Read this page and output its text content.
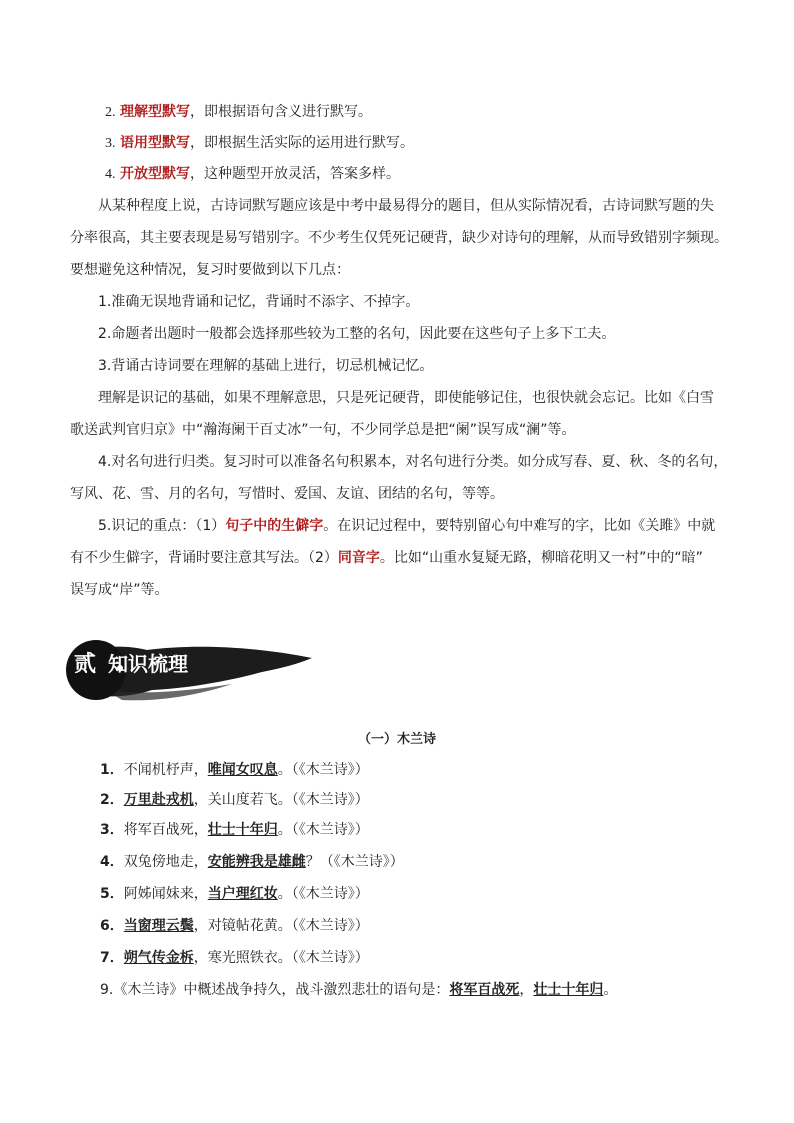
2. 理解型默写，即根据语句含义进行默写。
3. 语用型默写，即根据生活实际的运用进行默写。
4. 开放型默写，这种题型开放灵活，答案多样。
从某种程度上说，古诗词默写题应该是中考中最易得分的题目，但从实际情况看，古诗词默写题的失
分率很高，其主要表现是易写错别字。不少考生仅凭死记硬背，缺少对诗句的理解，从而导致错别字频现。
要想避免这种情况，复习时要做到以下几点：
1.准确无误地背诵和记忆，背诵时不添字、不掉字。
2.命题者出题时一般都会选择那些较为工整的名句，因此要在这些句子上多下工夫。
3.背诵古诗词要在理解的基础上进行，切忌机械记忆。
理解是识记的基础，如果不理解意思，只是死记硬背，即使能够记住，也很快就会忘记。比如《白雪
歌送武判官归京》中“瀚海阑干百丈冰”一句，不少同学总是把“阑”误写成“澜”等。
4.对名句进行归类。复习时可以准备名句积累本，对名句进行分类。如分成写春、夏、秋、冬的名句，
写风、花、雪、月的名句，写惜时、爱国、友谊、团结的名句，等等。
5.识记的重点：（1）句子中的生僻字。在识记过程中，要特别留心句中难写的字，比如《关雎》中就
有不少生僻字，背诵时要注意其写法。（2）同音字。比如“山重水复疑无路，柳暗花明又一村”中的“暗”
误写成“岸”等。
贰 知识梳理
（一）木兰诗
1．不闻机杼声，唯闻女叹息。（《木兰诗》）
2．万里赴戎机，关山度若飞。（《木兰诗》）
3．将军百战死，壮士十年归。（《木兰诗》）
4．双兔傍地走，安能辨我是雄雌？（《木兰诗》）
5．阿姊闻妹来，当户理红妆。（《木兰诗》）
6．当窗理云鬓，对镜帖花黄。（《木兰诗》）
7．朔气传金柝，寒光照铁衣。（《木兰诗》）
9.《木兰诗》中概述战争持久，战斗激烈悲壮的语句是：将军百战死，壮士十年归。
